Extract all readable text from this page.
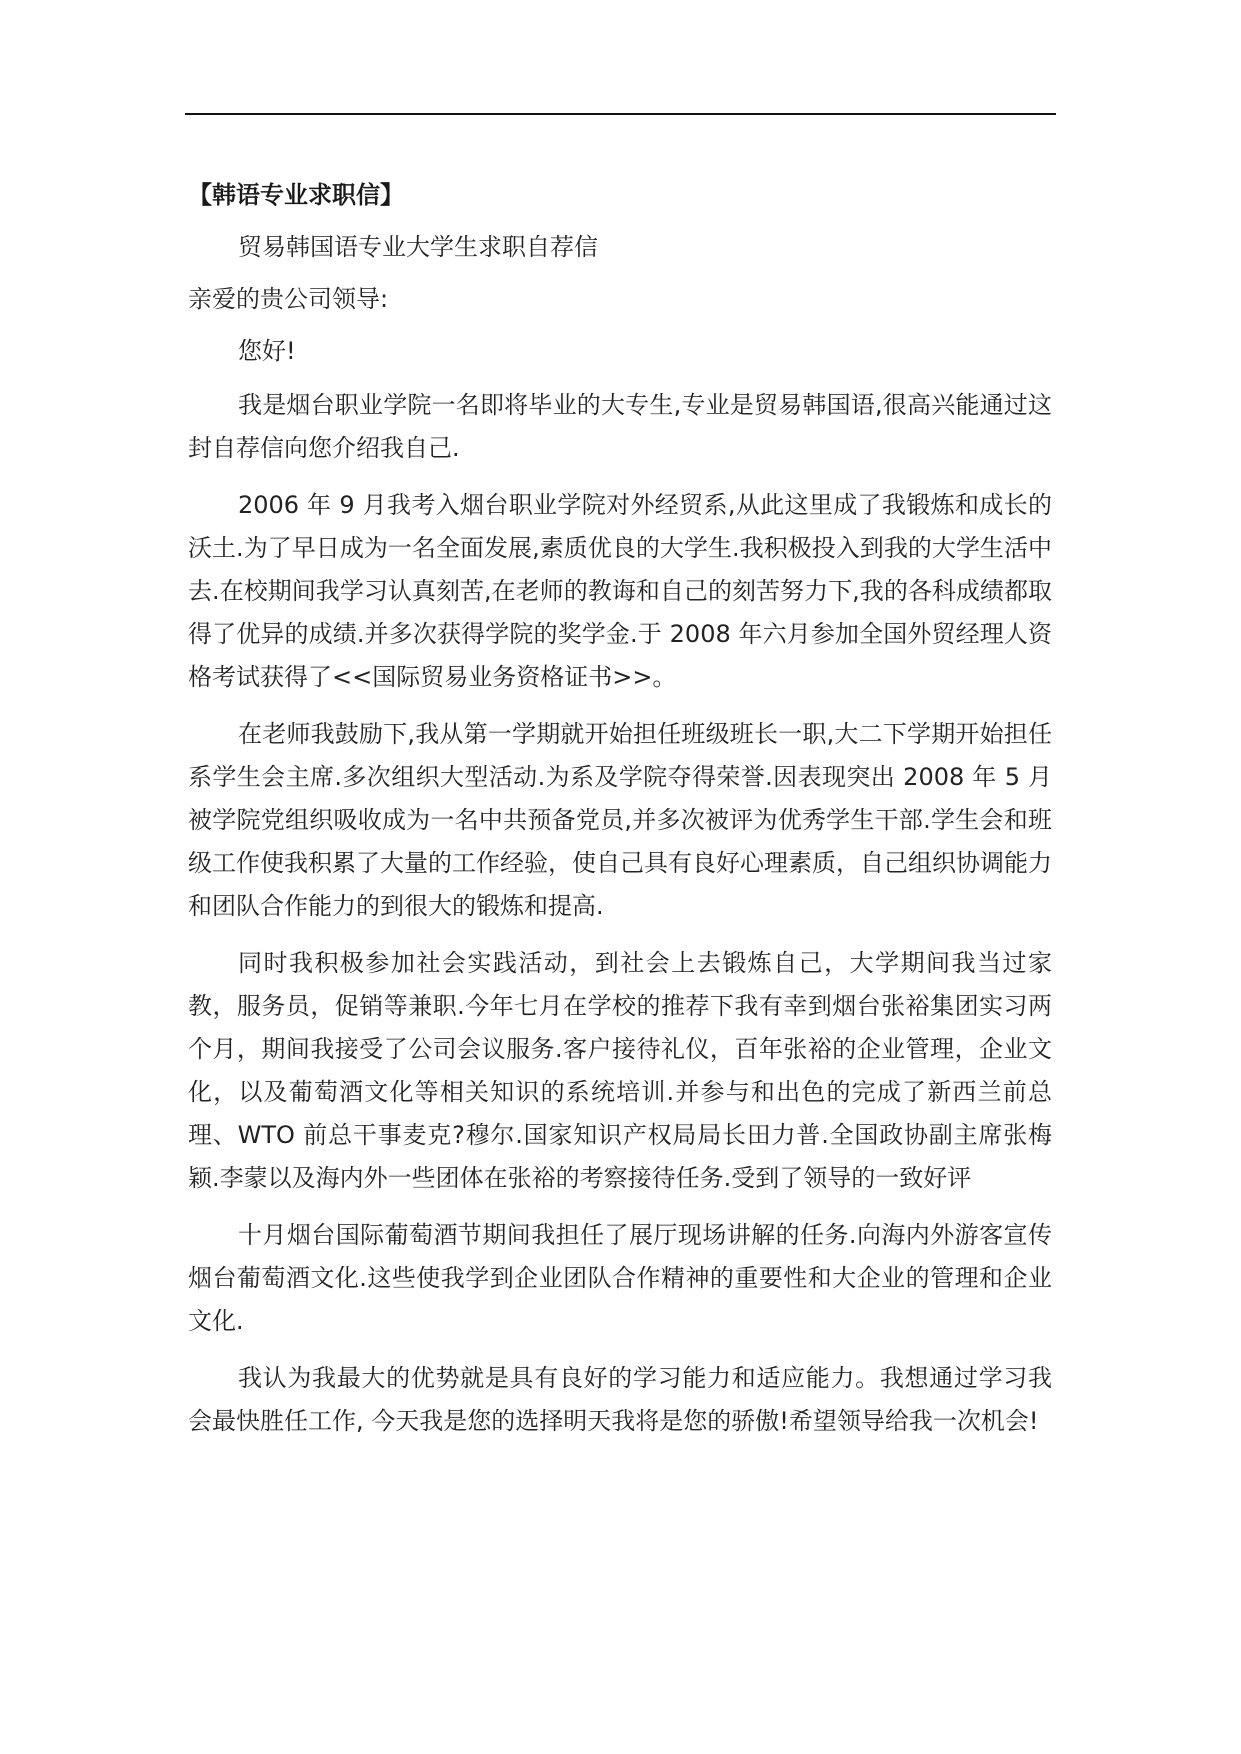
【韩语专业求职信】
贸易韩国语专业大学生求职自荐信
亲爱的贵公司领导:
您好!

我是烟台职业学院一名即将毕业的大专生,专业是贸易韩国语,很高兴能通过这封自荐信向您介绍我自己.

2006 年 9 月我考入烟台职业学院对外经贸系,从此这里成了我锻炼和成长的沃土.为了早日成为一名全面发展,素质优良的大学生.我积极投入到我的大学生活中去.在校期间我学习认真刻苦,在老师的教诲和自己的刻苦努力下,我的各科成绩都取得了优异的成绩.并多次获得学院的奖学金.于 2008 年六月参加全国外贸经理人资格考试获得了<<国际贸易业务资格证书>>。

在老师我鼓励下,我从第一学期就开始担任班级班长一职,大二下学期开始担任系学生会主席.多次组织大型活动.为系及学院夺得荣誉.因表现突出 2008 年 5 月被学院党组织吸收成为一名中共预备党员,并多次被评为优秀学生干部.学生会和班级工作使我积累了大量的工作经验，使自己具有良好心理素质，自己组织协调能力和团队合作能力的到很大的锻炼和提高.

同时我积极参加社会实践活动，到社会上去锻炼自己，大学期间我当过家教，服务员，促销等兼职.今年七月在学校的推荐下我有幸到烟台张裕集团实习两个月，期间我接受了公司会议服务.客户接待礼仪，百年张裕的企业管理，企业文化，以及葡萄酒文化等相关知识的系统培训.并参与和出色的完成了新西兰前总理、WTO 前总干事麦克?穆尔.国家知识产权局局长田力普.全国政协副主席张梅颖.李蒙以及海内外一些团体在张裕的考察接待任务.受到了领导的一致好评

十月烟台国际葡萄酒节期间我担任了展厅现场讲解的任务.向海内外游客宣传烟台葡萄酒文化.这些使我学到企业团队合作精神的重要性和大企业的管理和企业文化.

我认为我最大的优势就是具有良好的学习能力和适应能力。我想通过学习我会最快胜任工作, 今天我是您的选择明天我将是您的骄傲!希望领导给我一次机会!
